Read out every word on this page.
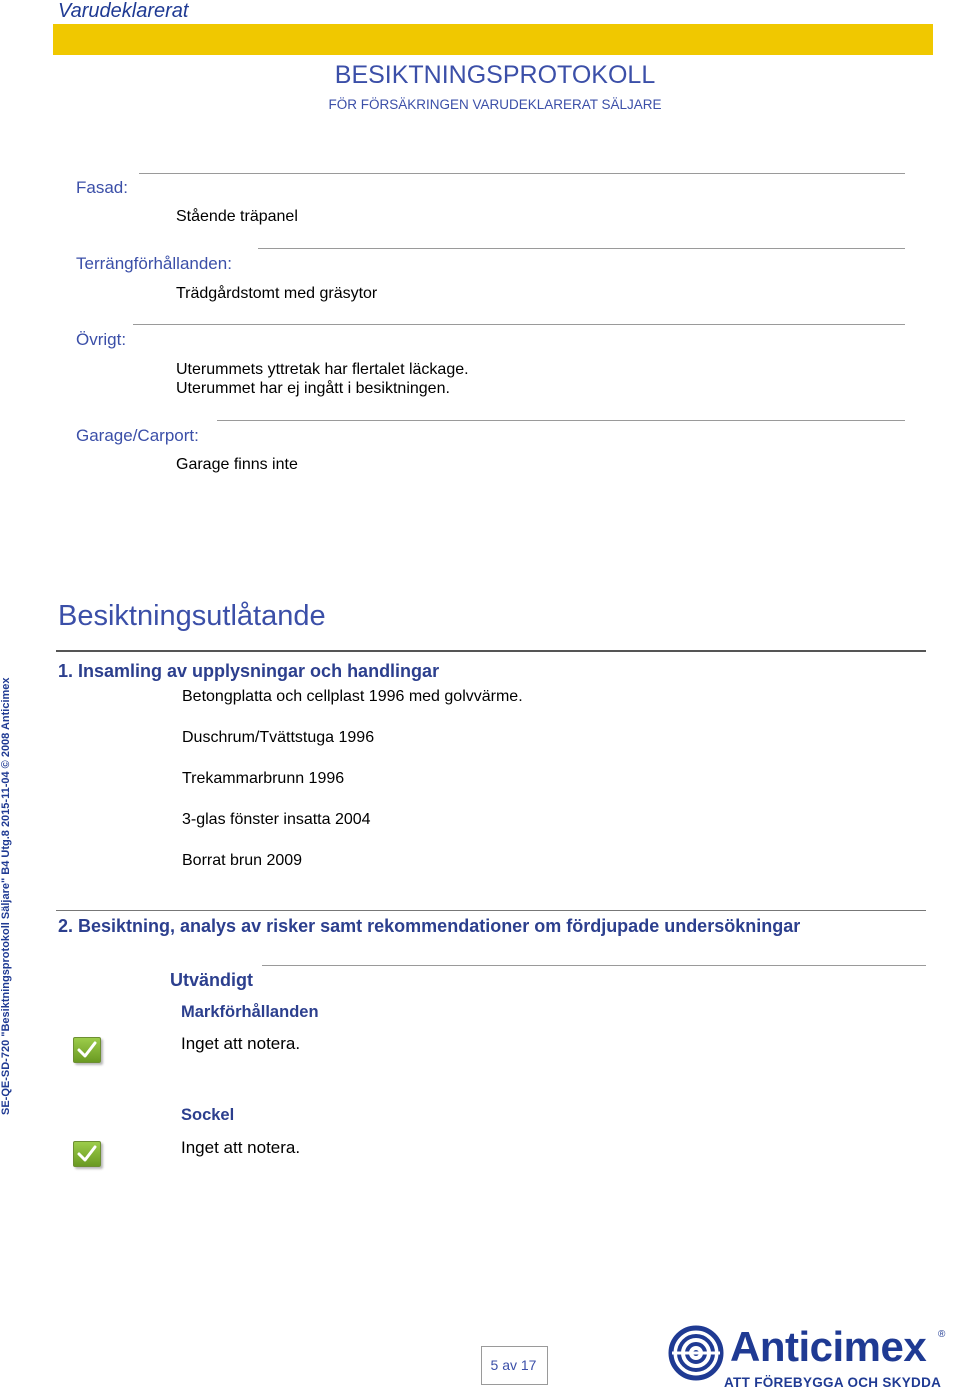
Varudeklarerat
BESIKTNINGSPROTOKOLL
FÖR FÖRSÄKRINGEN VARUDEKLARERAT SÄLJARE
Fasad:
Stående träpanel
Terrängförhållanden:
Trädgårdstomt med gräsytor
Övrigt:
Uterummets yttretak har flertalet läckage.
Uterummet har ej ingått i besiktningen.
Garage/Carport:
Garage finns inte
Besiktningsutlåtande
1. Insamling av upplysningar och handlingar
Betongplatta och cellplast 1996 med golvvärme.
Duschrum/Tvättstuga 1996
Trekammarbrunn 1996
3-glas fönster insatta 2004
Borrat brun 2009
2. Besiktning, analys av risker samt rekommendationer om fördjupade undersökningar
Utvändigt
Markförhållanden
Inget att notera.
Sockel
Inget att notera.
SE-QE-SD-720 "Besiktningsprotokoll Säljare" B4 Utg.8 2015-11-04 © 2008 Anticimex
5 av 17	Anticimex ®
ATT FÖREBYGGA OCH SKYDDA
